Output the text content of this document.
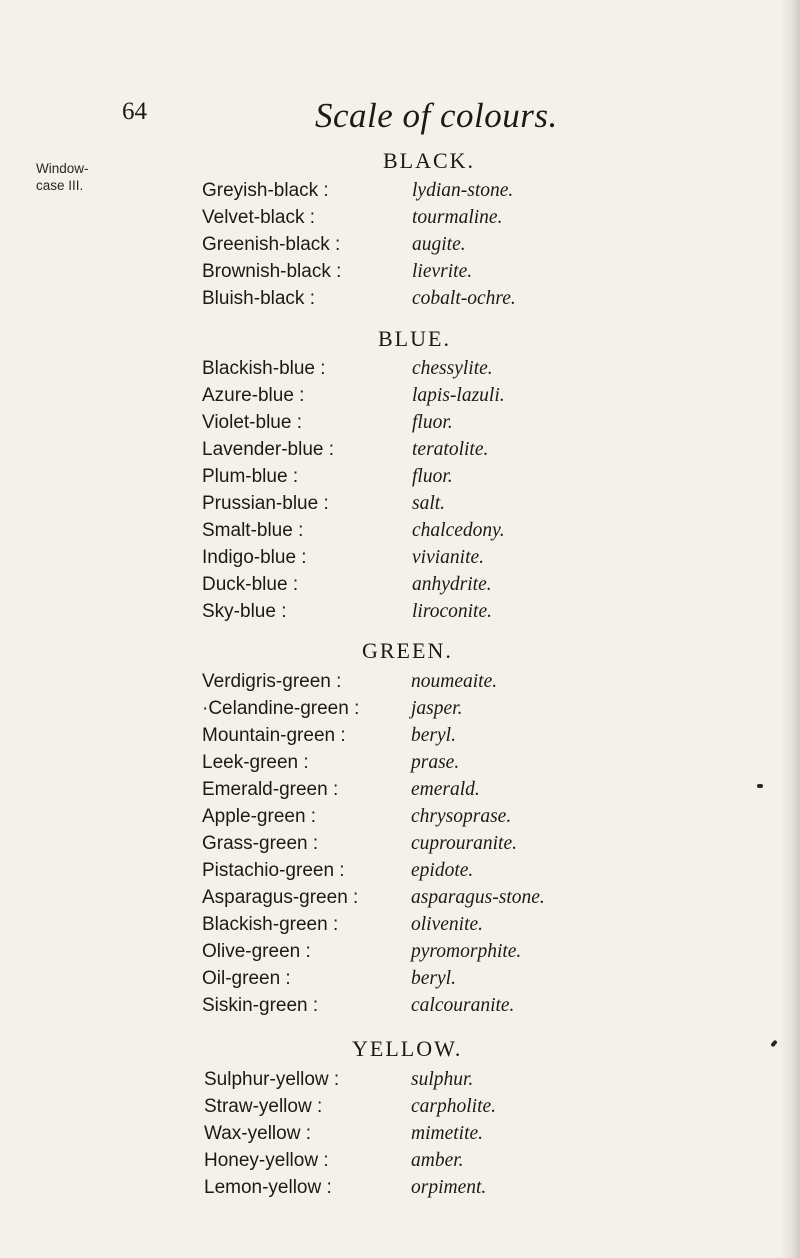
64	Scale of colours.
Window-
case III.
BLACK.
Greyish-black :	lydian-stone.
Velvet-black :	tourmaline.
Greenish-black :	augite.
Brownish-black :	lievrite.
Bluish-black :	cobalt-ochre.
BLUE.
Blackish-blue :	chessylite.
Azure-blue :	lapis-lazuli.
Violet-blue :	fluor.
Lavender-blue :	teratolite.
Plum-blue :	fluor.
Prussian-blue :	salt.
Smalt-blue :	chalcedony.
Indigo-blue :	vivianite.
Duck-blue :	anhydrite.
Sky-blue :	liroconite.
GREEN.
Verdigris-green :	noumeaite.
·Celandine-green :	jasper.
Mountain-green :	beryl.
Leek-green :	prase.
Emerald-green :	emerald.
Apple-green :	chrysoprase.
Grass-green :	cuprouranite.
Pistachio-green :	epidote.
Asparagus-green :	asparagus-stone.
Blackish-green :	olivenite.
Olive-green :	pyromorphite.
Oil-green :	beryl.
Siskin-green :	calcouranite.
YELLOW.
Sulphur-yellow :	sulphur.
Straw-yellow :	carpholite.
Wax-yellow :	mimetite.
Honey-yellow :	amber.
Lemon-yellow :	orpiment.
